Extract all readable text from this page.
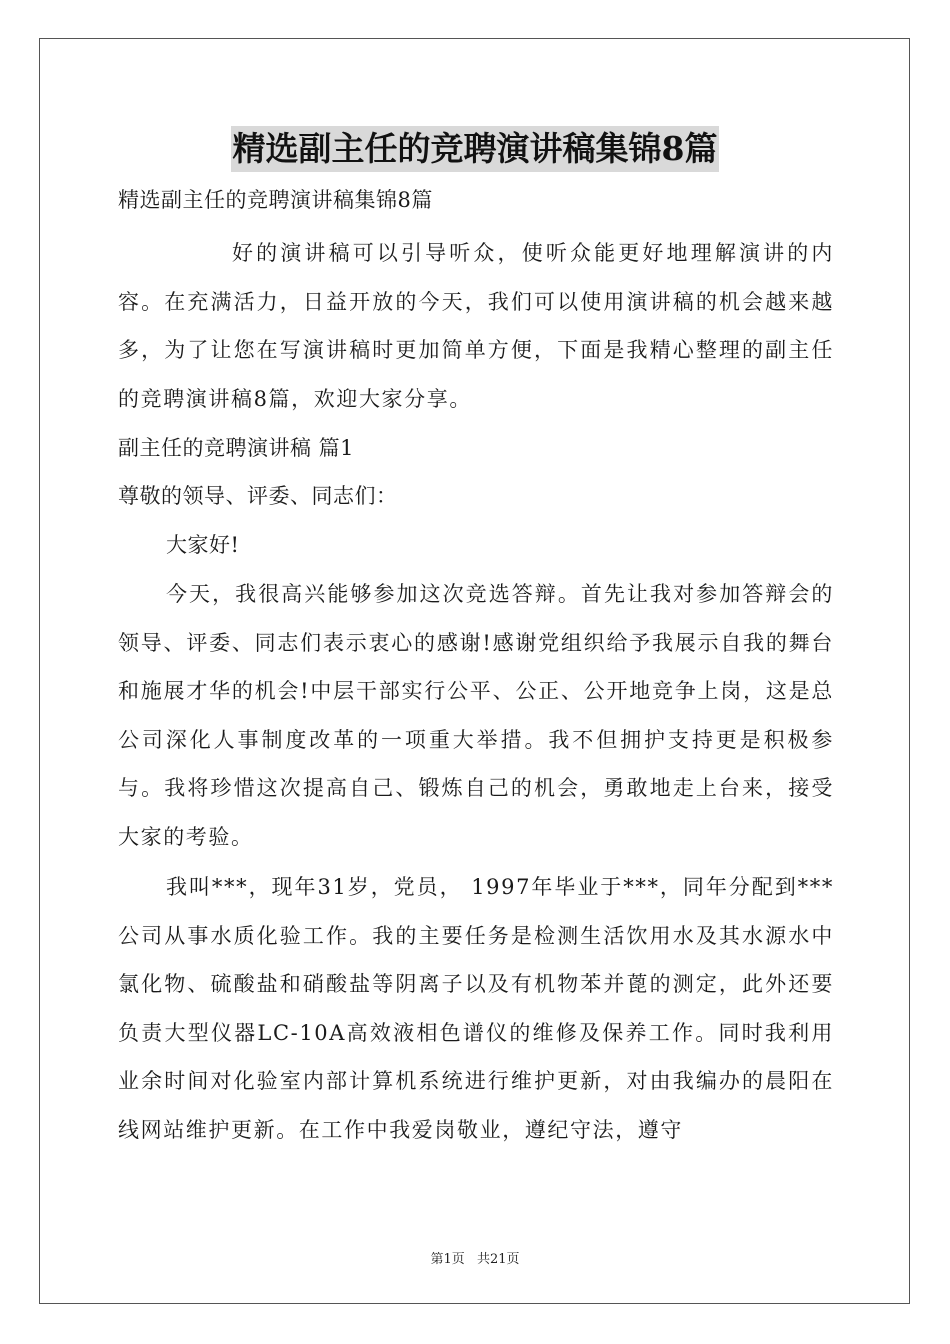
精选副主任的竞聘演讲稿集锦8篇

精选副主任的竞聘演讲稿集锦8篇

好的演讲稿可以引导听众，使听众能更好地理解演讲的内容。在充满活力，日益开放的今天，我们可以使用演讲稿的机会越来越多，为了让您在写演讲稿时更加简单方便，下面是我精心整理的副主任的竞聘演讲稿8篇，欢迎大家分享。

副主任的竞聘演讲稿 篇1

尊敬的领导、评委、同志们：

大家好!

今天，我很高兴能够参加这次竞选答辩。首先让我对参加答辩会的领导、评委、同志们表示衷心的感谢!感谢党组织给予我展示自我的舞台和施展才华的机会!中层干部实行公平、公正、公开地竞争上岗，这是总公司深化人事制度改革的一项重大举措。我不但拥护支持更是积极参与。我将珍惜这次提高自己、锻炼自己的机会，勇敢地走上台来，接受大家的考验。

我叫***，现年31岁，党员， 1997年毕业于***，同年分配到***公司从事水质化验工作。我的主要任务是检测生活饮用水及其水源水中氯化物、硫酸盐和硝酸盐等阴离子以及有机物苯并蓖的测定，此外还要负责大型仪器LC-10A高效液相色谱仪的维修及保养工作。同时我利用业余时间对化验室内部计算机系统进行维护更新，对由我编办的晨阳在线网站维护更新。在工作中我爱岗敬业，遵纪守法，遵守

第1页 共21页
